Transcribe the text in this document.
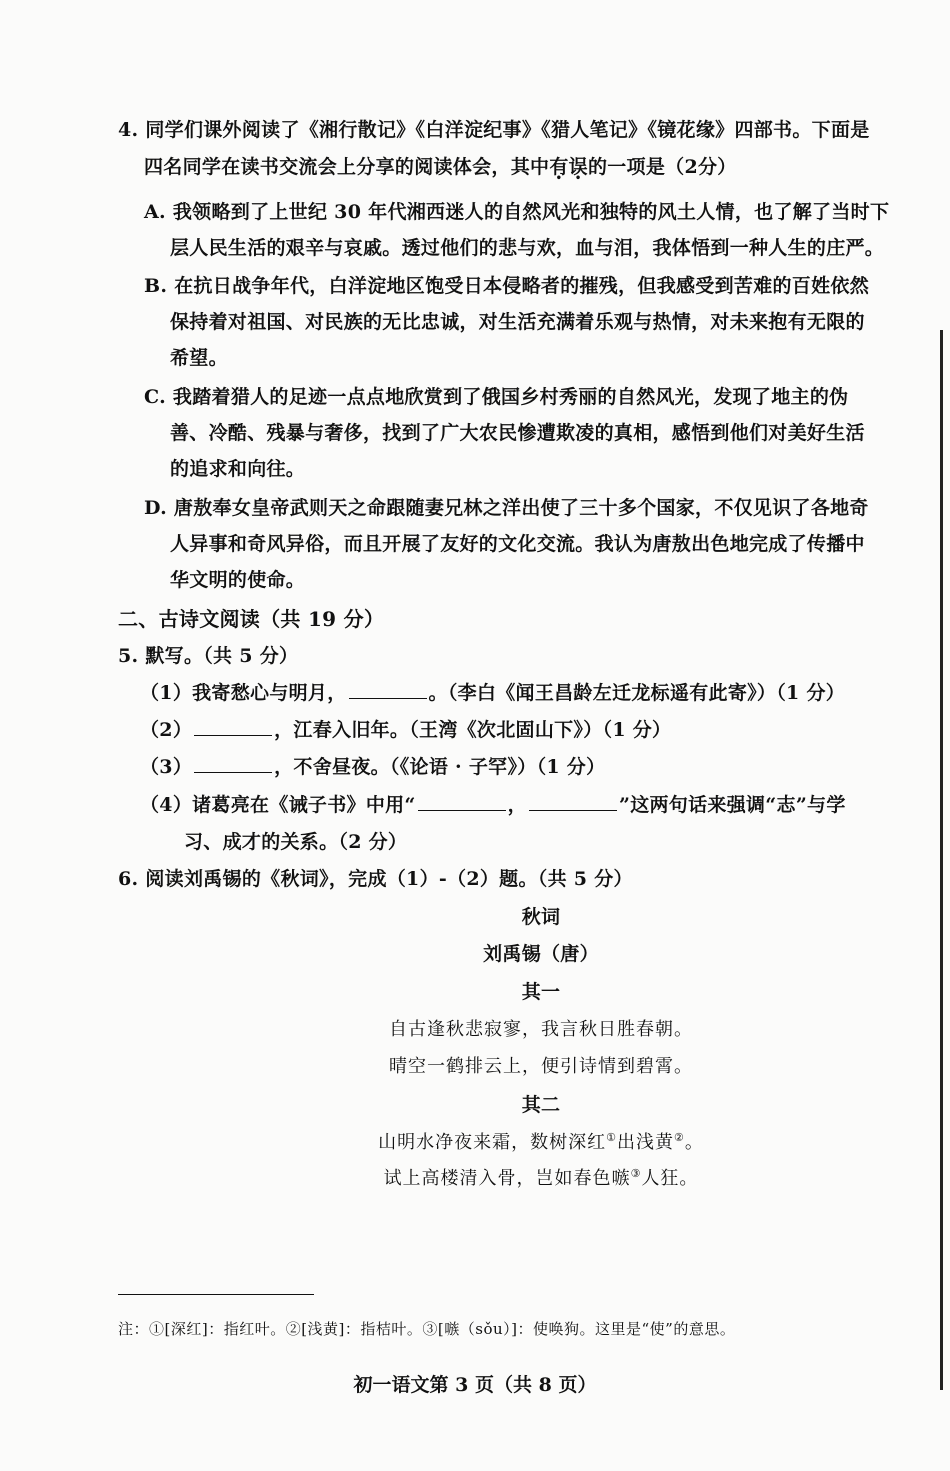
4. 同学们课外阅读了《湘行散记》《白洋淀纪事》《猎人笔记》《镜花缘》四部书。下面是
四名同学在读书交流会上分享的阅读体会，其中有误的一项是（2分）
A. 我领略到了上世纪 30 年代湘西迷人的自然风光和独特的风土人情，也了解了当时下
层人民生活的艰辛与哀戚。透过他们的悲与欢，血与泪，我体悟到一种人生的庄严。
B. 在抗日战争年代，白洋淀地区饱受日本侵略者的摧残，但我感受到苦难的百姓依然
保持着对祖国、对民族的无比忠诚，对生活充满着乐观与热情，对未来抱有无限的
希望。
C. 我踏着猎人的足迹一点点地欣赏到了俄国乡村秀丽的自然风光，发现了地主的伪
善、冷酷、残暴与奢侈，找到了广大农民惨遭欺凌的真相，感悟到他们对美好生活
的追求和向往。
D. 唐敖奉女皇帝武则天之命跟随妻兄林之洋出使了三十多个国家，不仅见识了各地奇
人异事和奇风异俗，而且开展了友好的文化交流。我认为唐敖出色地完成了传播中
华文明的使命。
二、古诗文阅读（共 19 分）
5. 默写。（共 5 分）
（1）我寄愁心与明月，	。（李白《闻王昌龄左迁龙标遥有此寄》）（1 分）
（2）	，江春入旧年。（王湾《次北固山下》）（1 分）
（3）	，不舍昼夜。（《论语 · 子罕》）（1 分）
（4）诸葛亮在《诫子书》中用“	，	”这两句话来强调“志”与学
习、成才的关系。（2 分）
6. 阅读刘禹锡的《秋词》，完成（1）-（2）题。（共 5 分）
秋词
刘禹锡（唐）
其一
自古逢秋悲寂寥，我言秋日胜春朝。
晴空一鹤排云上，便引诗情到碧霄。
其二
山明水净夜来霜，数树深红①出浅黄②。
试上高楼清入骨，岂如春色嗾③人狂。
注：①[深红]：指红叶。②[浅黄]：指桔叶。③[嗾（sǒu）]：使唤狗。这里是“使”的意思。
初一语文第 3 页（共 8 页）
